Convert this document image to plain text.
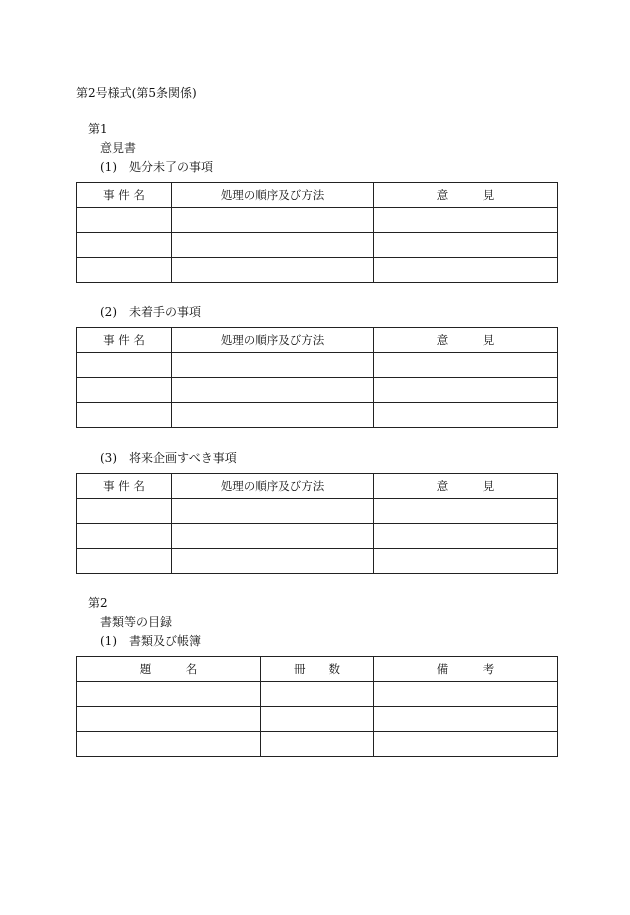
第2号様式(第5条関係)
第1
意見書
(1)　処分未了の事項
事 件 名	処理の順序及び方法	意　　　見

(2)　未着手の事項
事 件 名	処理の順序及び方法	意　　　見

(3)　将来企画すべき事項
事 件 名	処理の順序及び方法	意　　　見

第2
書類等の目録
(1)　書類及び帳簿
題　　　名	冊　　数	備　　　考
